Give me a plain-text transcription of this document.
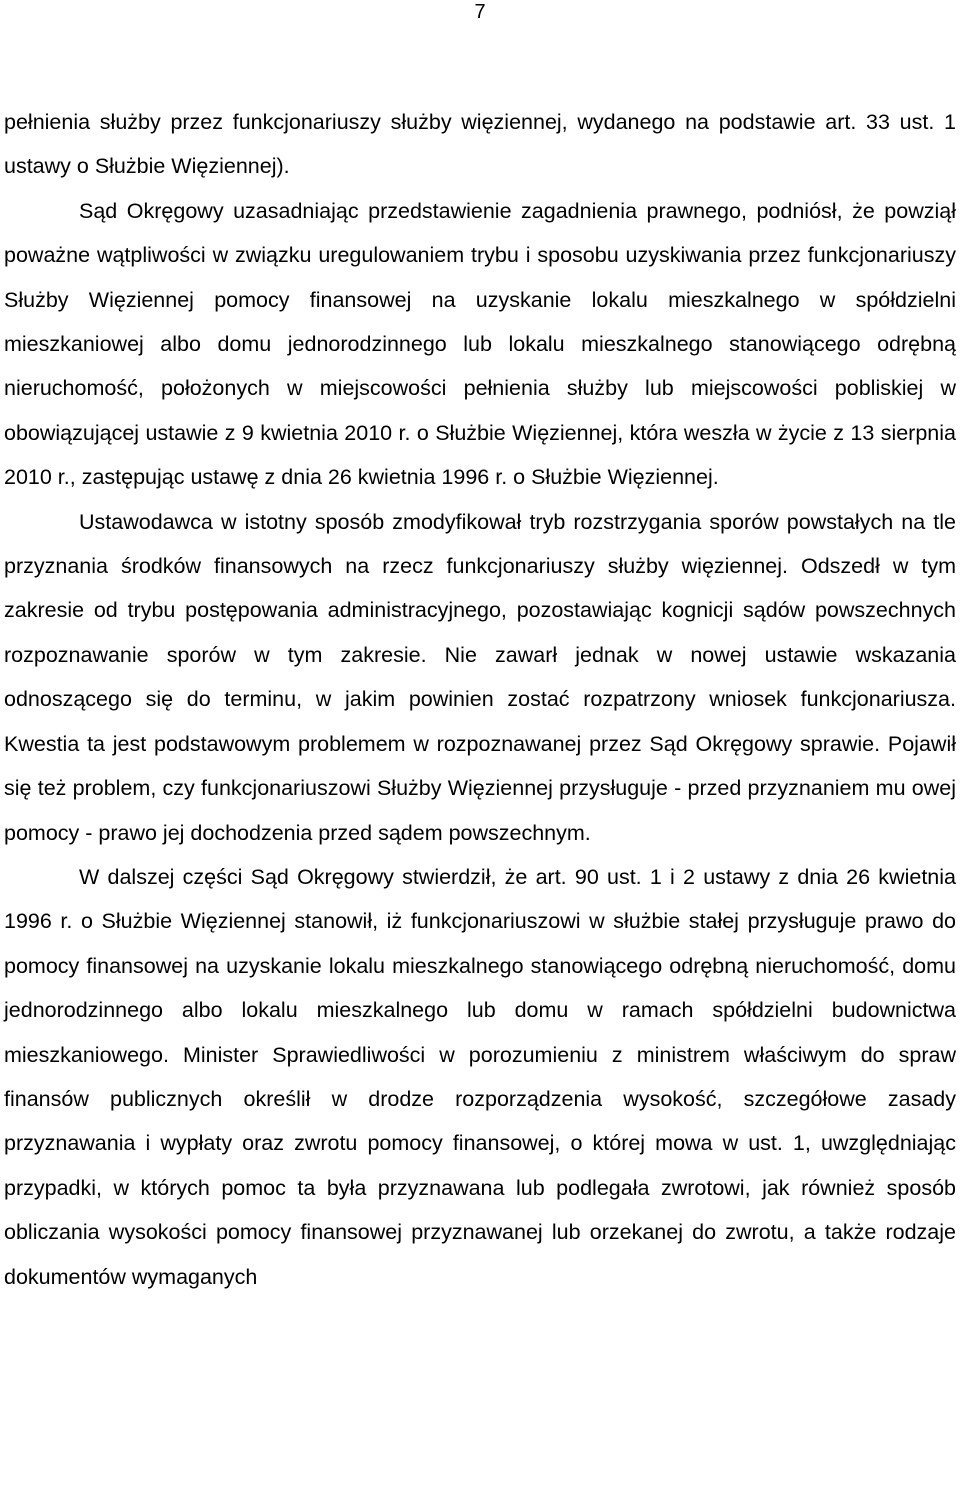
7

pełnienia służby przez funkcjonariuszy służby więziennej, wydanego na podstawie art. 33 ust. 1 ustawy o Służbie Więziennej).

Sąd Okręgowy uzasadniając przedstawienie zagadnienia prawnego, podniósł, że powziął poważne wątpliwości w związku uregulowaniem trybu i sposobu uzyskiwania przez funkcjonariuszy Służby Więziennej pomocy finansowej na uzyskanie lokalu mieszkalnego w spółdzielni mieszkaniowej albo domu jednorodzinnego lub lokalu mieszkalnego stanowiącego odrębną nieruchomość, położonych w miejscowości pełnienia służby lub miejscowości pobliskiej w obowiązującej ustawie z 9 kwietnia 2010 r. o Służbie Więziennej, która weszła w życie z 13 sierpnia 2010 r., zastępując ustawę z dnia 26 kwietnia 1996 r. o Służbie Więziennej.

Ustawodawca w istotny sposób zmodyfikował tryb rozstrzygania sporów powstałych na tle przyznania środków finansowych na rzecz funkcjonariuszy służby więziennej. Odszedł w tym zakresie od trybu postępowania administracyjnego, pozostawiając kognicji sądów powszechnych rozpoznawanie sporów w tym zakresie. Nie zawarł jednak w nowej ustawie wskazania odnoszącego się do terminu, w jakim powinien zostać rozpatrzony wniosek funkcjonariusza. Kwestia ta jest podstawowym problemem w rozpoznawanej przez Sąd Okręgowy sprawie. Pojawił się też problem, czy funkcjonariuszowi Służby Więziennej przysługuje - przed przyznaniem mu owej pomocy - prawo jej dochodzenia przed sądem powszechnym.

W dalszej części Sąd Okręgowy stwierdził, że art. 90 ust. 1 i 2 ustawy z dnia 26 kwietnia 1996 r. o Służbie Więziennej stanowił, iż funkcjonariuszowi w służbie stałej przysługuje prawo do pomocy finansowej na uzyskanie lokalu mieszkalnego stanowiącego odrębną nieruchomość, domu jednorodzinnego albo lokalu mieszkalnego lub domu w ramach spółdzielni budownictwa mieszkaniowego. Minister Sprawiedliwości w porozumieniu z ministrem właściwym do spraw finansów publicznych określił w drodze rozporządzenia wysokość, szczegółowe zasady przyznawania i wypłaty oraz zwrotu pomocy finansowej, o której mowa w ust. 1, uwzględniając przypadki, w których pomoc ta była przyznawana lub podlegała zwrotowi, jak również sposób obliczania wysokości pomocy finansowej przyznawanej lub orzekanej do zwrotu, a także rodzaje dokumentów wymaganych
